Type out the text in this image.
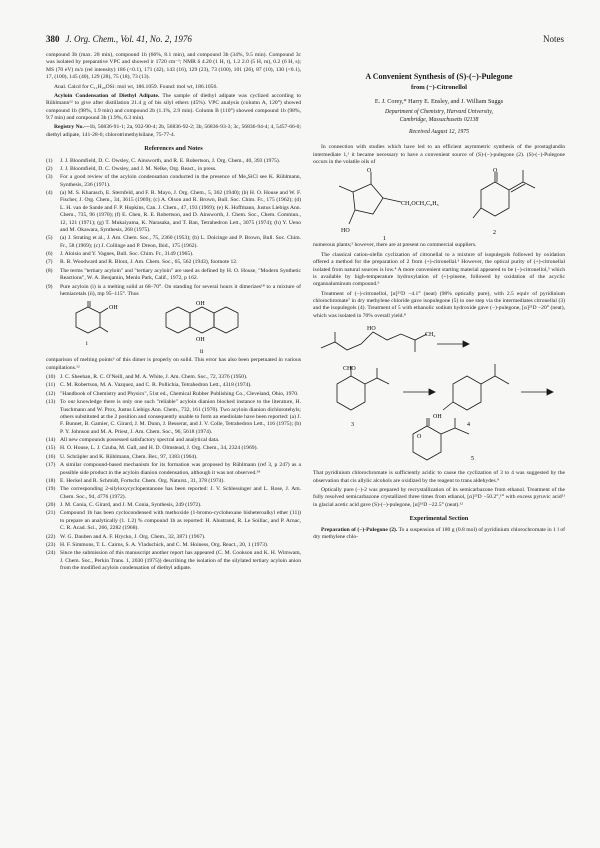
380 J. Org. Chem., Vol. 41, No. 2, 1976	Notes

compound 3b (max. 28 min), compound 1b (66%, 8.1 min), and compound 3b (34%, 9.5 min). Compound 3c was isolated by preparative VPC and showed ir 1720 cm⁻¹; NMR δ 4.20 (1 H, t), 1.2 2.0 (5 H, m), 0.2 (6 H, s); MS (70 eV) m/z (rel intensity) 186 (<0.1), 171 (42), 143 (16), 129 (23), 73 (100), 101 (26), 87 (10), 130 (<0.1), 17, (100), 145 (40), 129 (28), 75 (18), 73 (13).

Anal. Calcd for C₁₁H₂₀OSi: mol wt, 186.1059. Found: mol wt, 186.1056.

Acyloin Condensation of Diethyl Adipate. The sample of diethyl adipate was cyclized according to Rühlmann¹² to give after distillation 21.4 g of bis silyl ethers (45%). VPC analysis (column A, 120°) showed compound 1b (98%, 1.9 min) and compound 2b (1.1%, 2.9 min). Column B (110°) showed compound 1b (98%, 9.7 min) and compound 3b (1.9%, 6.3 min).

Registry No.—1b, 56836-91-1; 2a, 932-90-4; 2b, 56836-92-2; 3b, 56836-93-3; 3c, 56836-94-4; 4, 5457-66-0; diethyl adipate, 141-28-6; chlorotrimethylsilane, 75-77-4.

References and Notes
(1)	J. J. Bloomfield, D. C. Owsley, C. Ainsworth, and R. E. Robertson, J. Org. Chem., 40, 393 (1975).
(2)	J. J. Bloomfield, D. C. Owsley, and J. M. Nelke, Org. React., in press.
(3)	For a good review of the acyloin condensation conducted in the presence of Me₃SiCl see K. Rühlmann, Synthesis, 236 (1971).
(4)	(a) M. S. Kharasch, E. Sternfeld, and F. R. Mayo, J. Org. Chem., 5, 362 (1940); (b) H. O. House and W. F. Fischer, J. Org. Chem., 34, 3615 (1969); (c) A. Olson and R. Brown, Bull. Soc. Chim. Fr., 175 (1962); (d) L. H. van de Sande and F. P. Hopkins, Can. J. Chem., 47, 193 (1969); (e) K. Hoffmann, Justus Liebigs Ann. Chem., 735, 96 (1970); (f) E. Chen, R. E. Robertson, and D. Ainsworth, J. Chem. Soc., Chem. Commun., 12, 121 (1971); (g) T. Mukaiyama, K. Narasaka, and T. Ban, Tetrahedron Lett., 3075 (1974); (h) Y. Ueno and M. Okawara, Synthesis, 268 (1975).
(5)	(a) J. Strating et al., J. Am. Chem. Soc., 75, 2360 (1953); (b) L. Dolcinge and P. Brown, Bull. Soc. Chim. Fr., 58 (1969); (c) J. Collinge and P. Dreon, Ibid., 175 (1962).
(6)	J. Aloisio and Y. Vagnes, Bull. Soc. Chim. Fr., 3149 (1965).
(7)	R. B. Woodward and R. Blout, J. Am. Chem. Soc., 65, 562 (1943), footnote 12.
(8)	The terms "tertiary acyloin" and "tertiary acyloin" are used as defined by H. O. House, "Modern Synthetic Reactions", W. A. Benjamin, Menlo Park, Calif., 1972, p 162.
(9)	Pure acyloin (i) is a melting solid at 68–70°. On standing for several hours it dimerizes¹⁸ to a mixture of hemiacetals (ii), mp 95–115°. Thus
OH
i
OH
OH
ii

comparison of melting points⁶ of this dimer is properly on solid. This error has also been perpetuated in various compilations.¹²

(10) J. C. Sheehan, R. C. O'Neill, and M. A. White, J. Am. Chem. Soc., 72, 3376 (1950).
(11) C. M. Robertson, M. A. Vazquez, and C. R. Pollichia, Tetrahedron Lett., 4318 (1974).
(12) "Handbook of Chemistry and Physics", 51st ed., Chemical Rubber Publishing Co., Cleveland, Ohio, 1970.
(13) To our knowledge there is only one such "reliable" acyloin dianion blocked instance to the literature, H. Tuschmann and W. Prox, Justus Liebigs Ann. Chem., 732, 161 (1970). Two acyloin dianion dichlorotehyls; others substituted at the 2 position and consequently unable to form an enediolate have been reported: (a) J. F. Bunnet, B. Gamier, C. Girard, J. M. Dunn, J. Besserat, and J. V. Colle, Tetrahedron Lett., 116 (1975); (b) P. Y. Johnson and M. A. Priest, J. Am. Chem. Soc., 96, 5618 (1974).
(14) All new compounds possessed satisfactory spectral and analytical data.
(15) H. O. House, L. J. Czuba, M. Gall, and H. D. Olmstead, J. Org. Chem., 34, 2324 (1969).
(16) U. Schräpler and K. Rühlmann, Chem. Ber., 97, 1383 (1964).
(17) A similar compound-based mechanism for its formation was proposed by Rühlmann (ref 3, p 247) as a possible side product in the acyloin dianion condensation, although it was not observed.¹⁸
(18) E. Heckel and R. Schmidt, Fortschr. Chem. Org. Naturst., 31, 378 (1974).
(19) The corresponding 2-silyloxycyclopentanone has been reported: J. V. Schlessinger and L. Rose, J. Am. Chem. Soc., 94, 4776 (1972).
(20) J. M. Conia, C. Girard, and J. M. Conia, Synthesis, 249 (1972).
(21) Compound 1b has been cyclocondensed with methoxide (1-bromo-cyclohexane bisheteroalkyl ether (11)) to prepare an analytically (1. 1.2) % compound 1b as reported: H. Alustrand, R. Le Soillac, and P. Arnac, C. R. Acad. Sci., 266, 2282 (1968).
(22) W. G. Dauben and A. F. Hrycko, J. Org. Chem., 32, 3871 (1967).
(23) H. F. Simmons, T. L. Cairns, S. A. Vladuchick, and C. M. Hoiness, Org. React., 20, 1 (1973).
(24) Since the submission of this manuscript another report has appeared (C. M. Cookson and K. H. Wimwam, J. Chem. Soc., Perkin Trans. 1, 2030 (1975)) describing the isolation of the silylated tertiary acyloin anion from the modified acyloin condensation of diethyl adipate.
A Convenient Synthesis of (S)-(−)-Pulegone
from (−)-Citronellol
E. J. Corey,* Harry E. Ensley, and J. William Suggs
Department of Chemistry, Harvard University,
Cambridge, Massachusetts 02138
Received August 12, 1975

In connection with studies which have led to an efficient asymmetric synthesis of the prostaglandin intermediate 1,¹ it became necessary to have a convenient source of (S)-(−)-pulegone (2). (S)-(−)-Pulegone occurs in the volatile oils of

O
CH₂OCH₂C₆H₅
HO
1
O
2

numerous plants;² however, there are at present no commercial suppliers.

The classical cation-olefin cyclization of citronellal to a mixture of isopulegols followed by oxidation offered a method for the preparation of 2 from (+)-citronellal.³ However, the optical purity of (+)-citronellal isolated from natural sources is low.⁴ A more convenient starting material appeared to be (−)-citronellol,⁵ which is available by high-temperature hydroxylation of (+)-pinene, followed by oxidation of the acyclic organoaluminum compound.⁶

Treatment of (−)-citronellol, [α]²⁵D −4.1° (neat) (98% optically pure), with 2.5 equiv of pyridinium chlorochromate⁷ in dry methylene chloride gave isopulegone (5) in one step via the intermediates citronellal (3) and the isopulegols (4). Treatment of 5 with ethanolic sodium hydroxide gave (−)-pulegone, [α]²⁵D −20° (neat), which was isolated in 70% overall yield.⁸

HO
CH₂
CHO
3
OH
4
O
5

That pyridinium chlorochromate is sufficiently acidic to cause the cyclization of 3 to 4 was suggested by the observation that cis allylic alcohols are oxidized by the reagent to trans aldehydes.⁹

Optically pure (−)-2 was prepared by recrystallization of its semicarbazone from ethanol. Treatment of the fully resolved semicarbazone crystallized three times from ethanol, [α]²⁵D −50.2°,¹⁰ with excess pyruvic acid¹¹ in glacial acetic acid gave (S)-(−)-pulegone, [α]²⁵D −22.5° (neat).¹²

Experimental Section

Preparation of (−)-Pulegone (2). To a suspension of 180 g (0.8 mol) of pyridinium chlorochromate in 1 l of dry methylene chlo-
